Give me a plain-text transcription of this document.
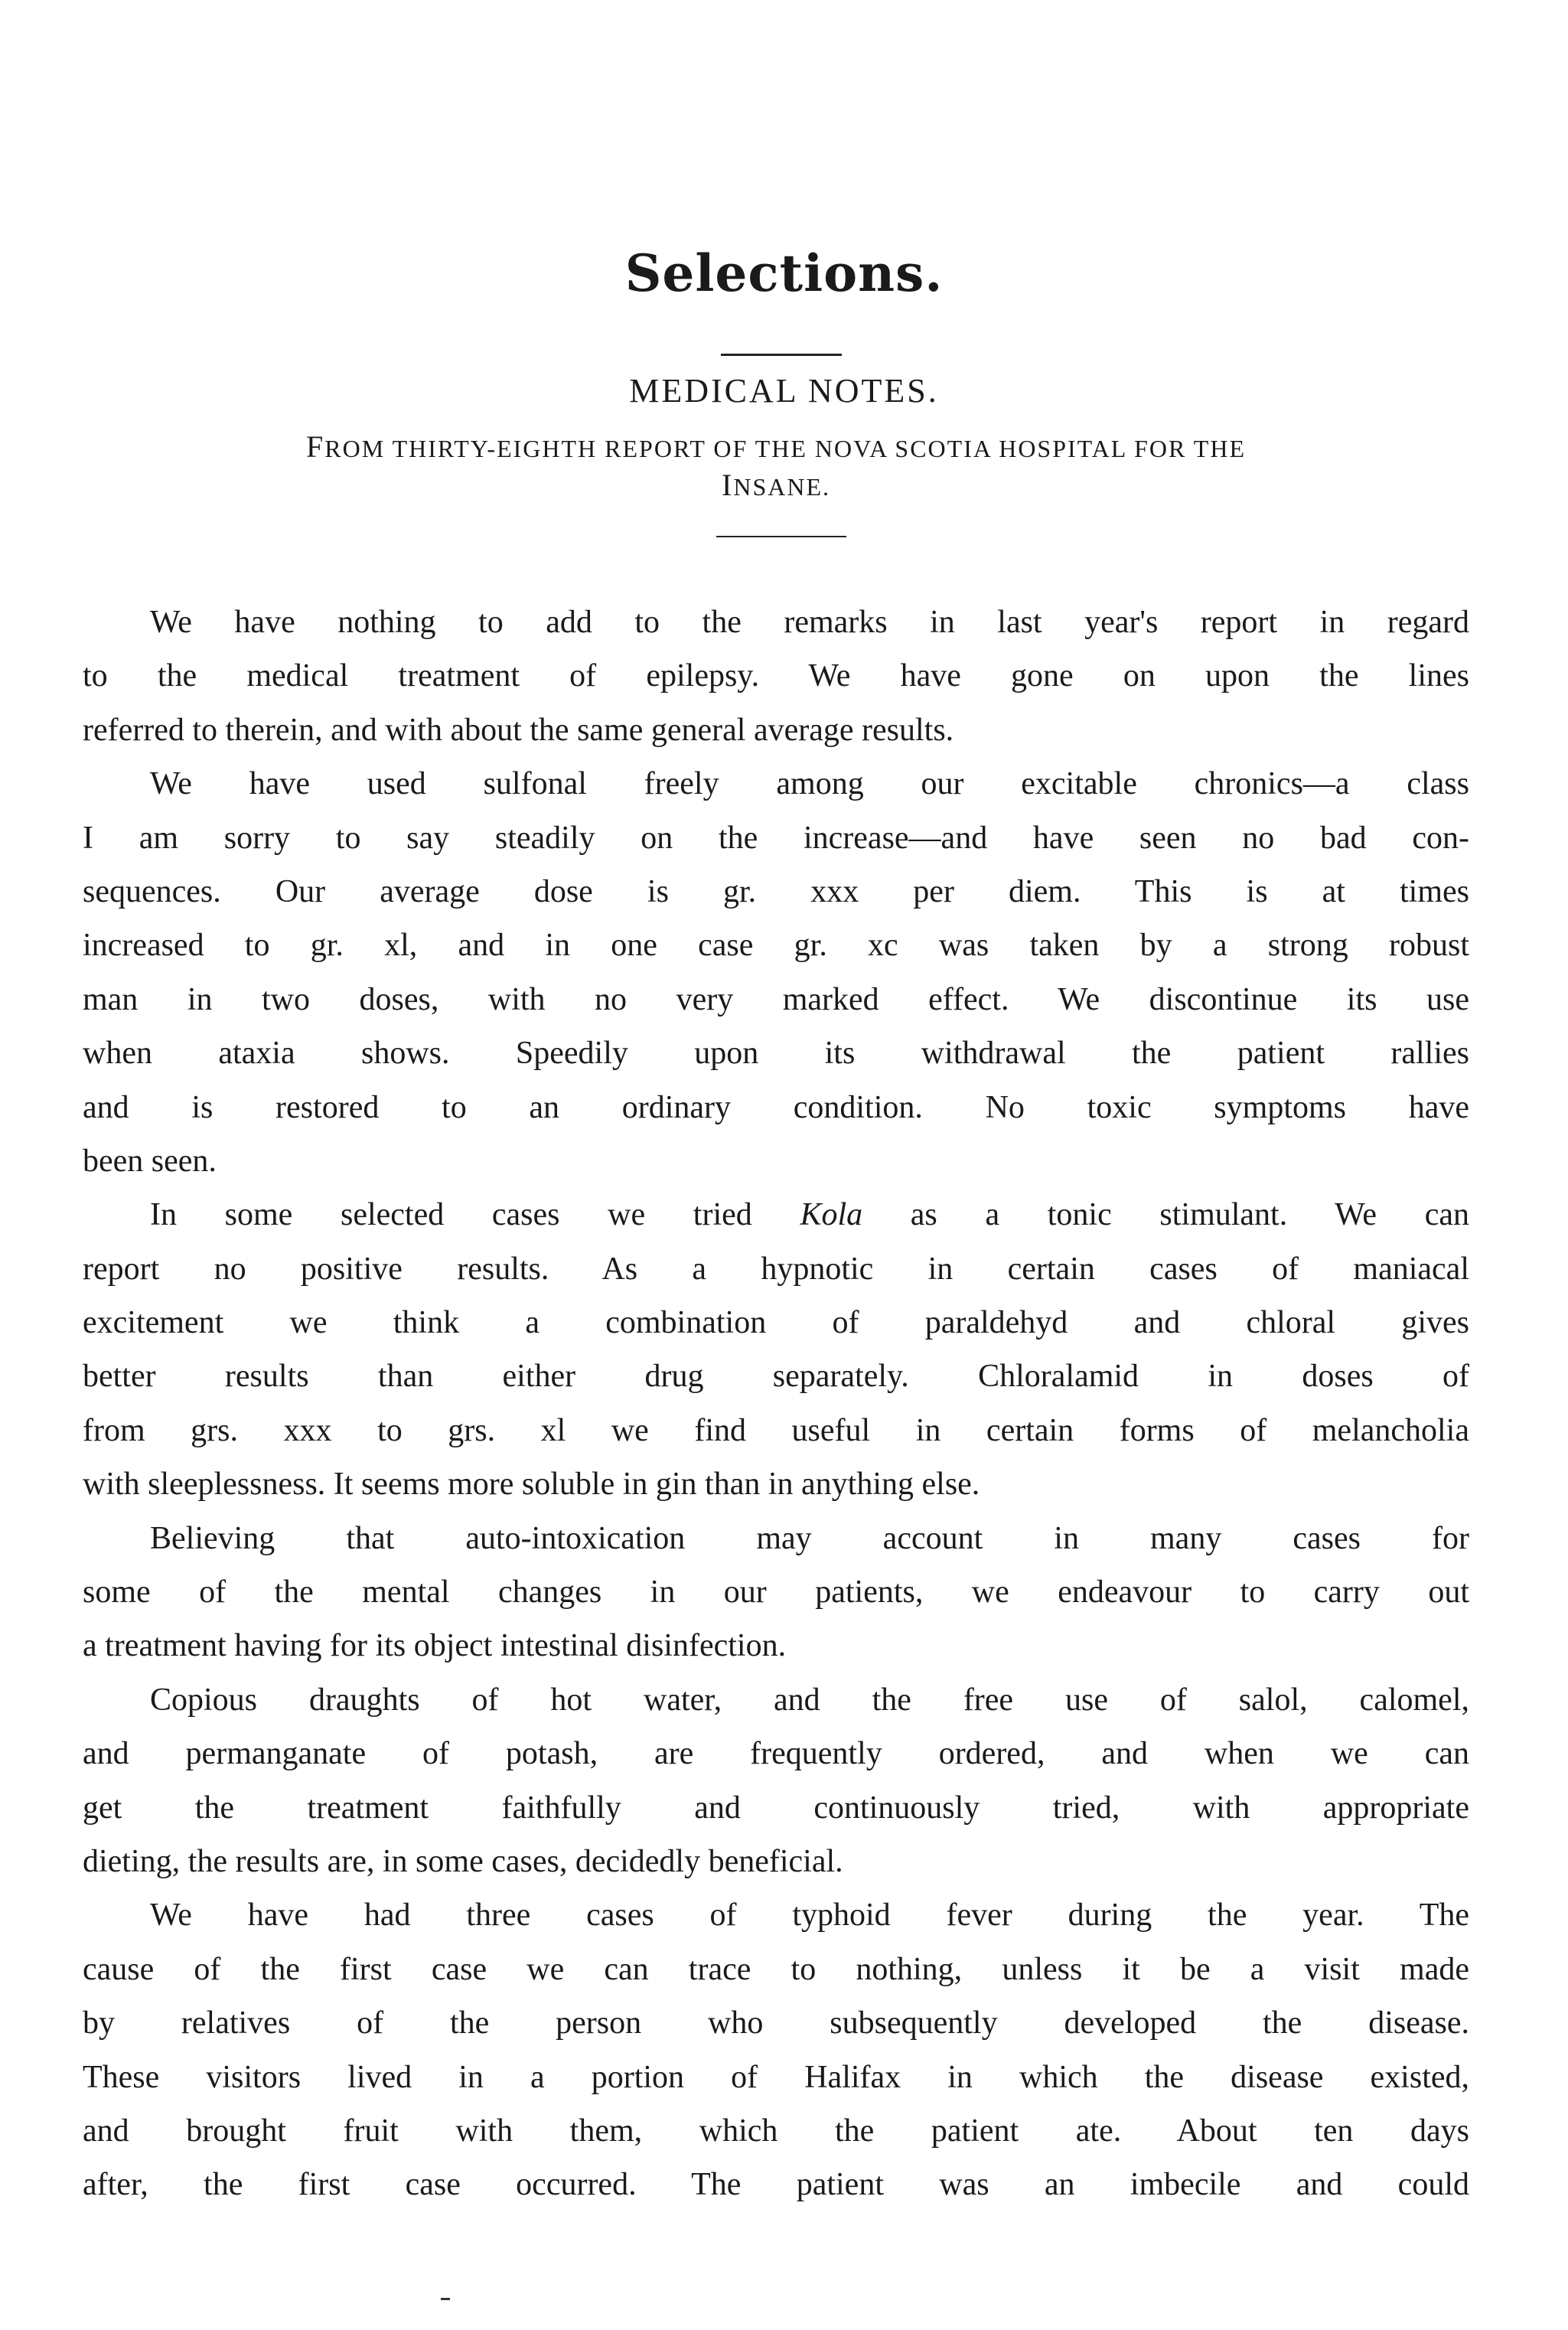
Selections.
MEDICAL NOTES.
FROM THIRTY-EIGHTH REPORT OF THE NOVA SCOTIA HOSPITAL FOR THE
INSANE.
We have nothing to add to the remarks in last year's report in regard
to the medical treatment of epilepsy. We have gone on upon the lines
referred to therein, and with about the same general average results.
We have used sulfonal freely among our excitable chronics—a class
I am sorry to say steadily on the increase—and have seen no bad con-
sequences. Our average dose is gr. xxx per diem. This is at times
increased to gr. xl, and in one case gr. xc was taken by a strong robust
man in two doses, with no very marked effect. We discontinue its use
when ataxia shows. Speedily upon its withdrawal the patient rallies
and is restored to an ordinary condition. No toxic symptoms have
been seen.
In some selected cases we tried Kola as a tonic stimulant. We can
report no positive results. As a hypnotic in certain cases of maniacal
excitement we think a combination of paraldehyd and chloral gives
better results than either drug separately. Chloralamid in doses of
from grs. xxx to grs. xl we find useful in certain forms of melancholia
with sleeplessness. It seems more soluble in gin than in anything else.
Believing that auto-intoxication may account in many cases for
some of the mental changes in our patients, we endeavour to carry out
a treatment having for its object intestinal disinfection.
Copious draughts of hot water, and the free use of salol, calomel,
and permanganate of potash, are frequently ordered, and when we can
get the treatment faithfully and continuously tried, with appropriate
dieting, the results are, in some cases, decidedly beneficial.
We have had three cases of typhoid fever during the year. The
cause of the first case we can trace to nothing, unless it be a visit made
by relatives of the person who subsequently developed the disease.
These visitors lived in a portion of Halifax in which the disease existed,
and brought fruit with them, which the patient ate. About ten days
after, the first case occurred. The patient was an imbecile and could
